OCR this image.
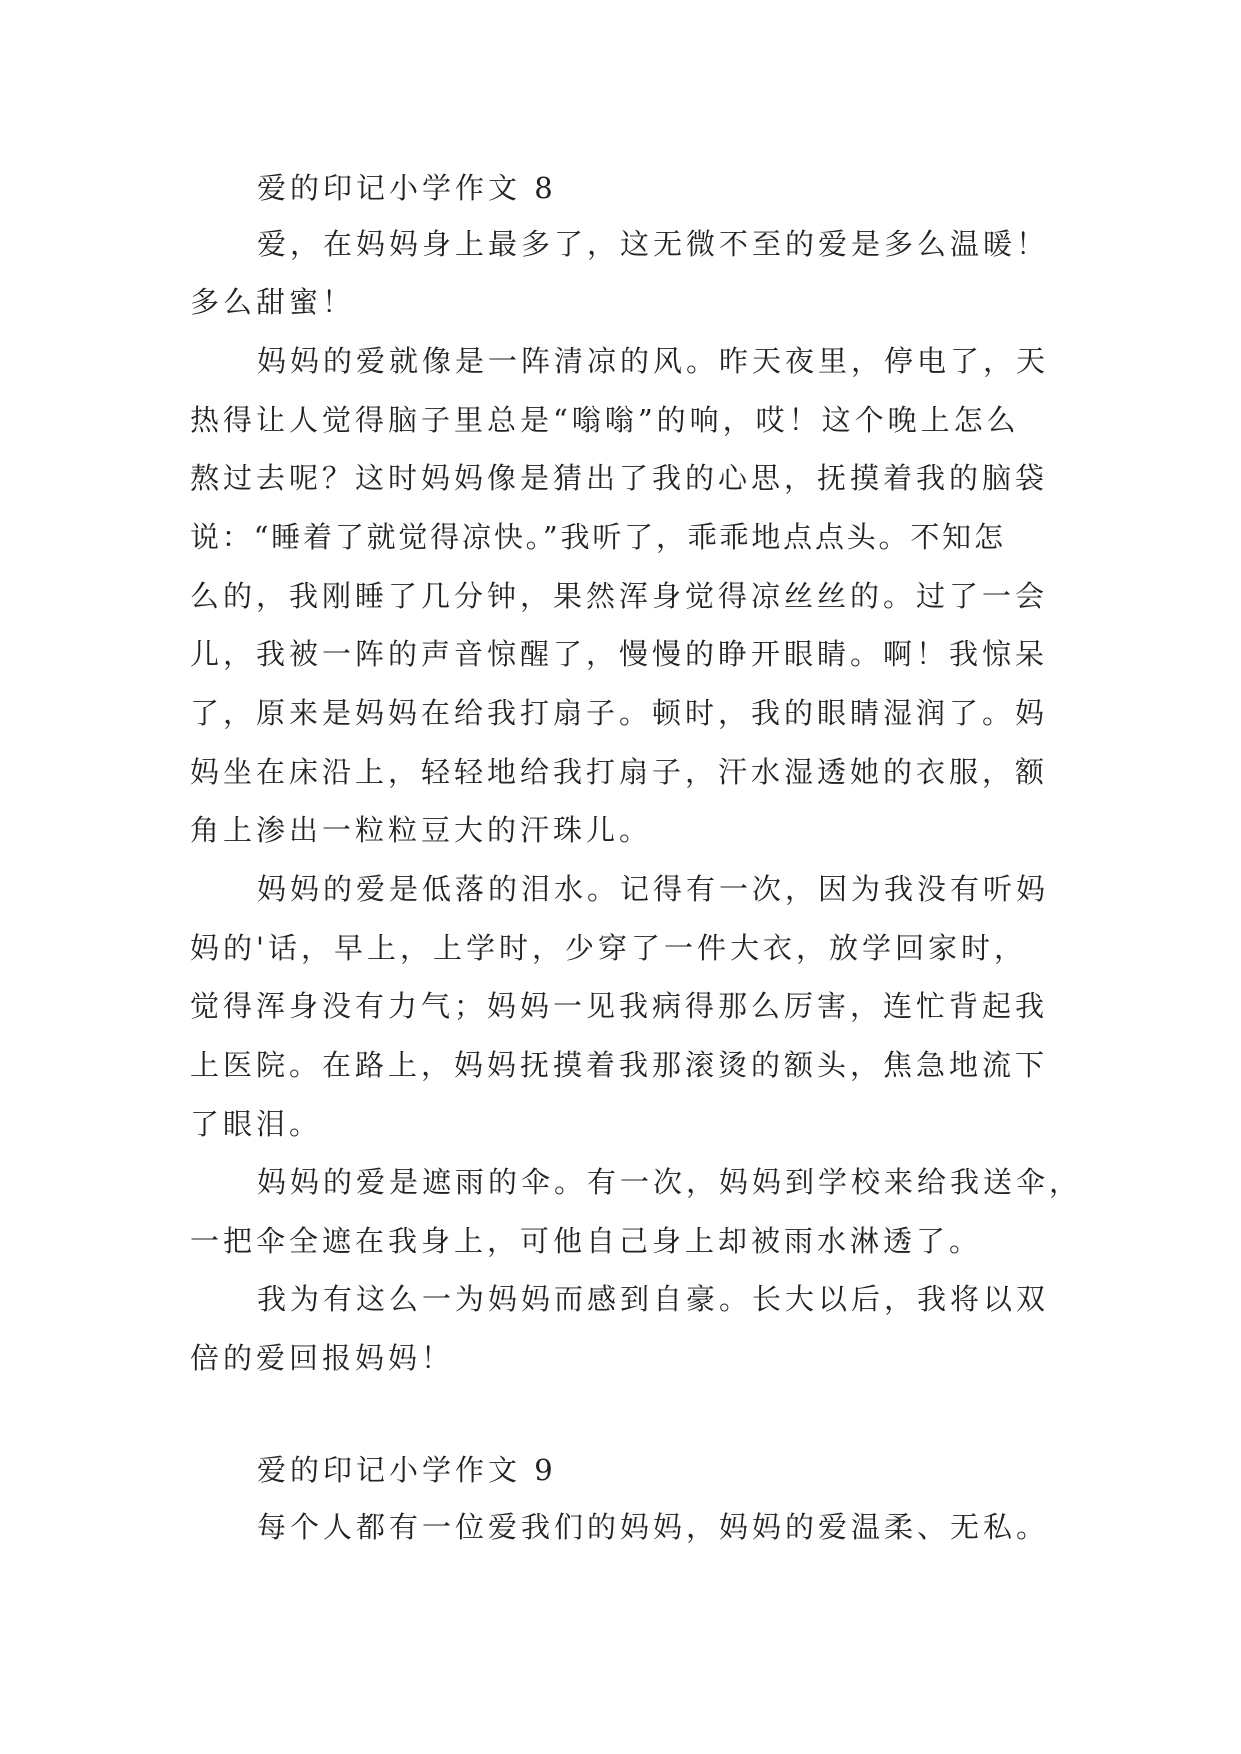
爱的印记小学作文 8
爱，在妈妈身上最多了，这无微不至的爱是多么温暖！
多么甜蜜！
妈妈的爱就像是一阵清凉的风。昨天夜里，停电了，天
热得让人觉得脑子里总是“嗡嗡”的响，哎！这个晚上怎么
熬过去呢？这时妈妈像是猜出了我的心思，抚摸着我的脑袋
说：“睡着了就觉得凉快。”我听了，乖乖地点点头。不知怎
么的，我刚睡了几分钟，果然浑身觉得凉丝丝的。过了一会
儿，我被一阵的声音惊醒了，慢慢的睁开眼睛。啊！我惊呆
了，原来是妈妈在给我打扇子。顿时，我的眼睛湿润了。妈
妈坐在床沿上，轻轻地给我打扇子，汗水湿透她的衣服，额
角上渗出一粒粒豆大的汗珠儿。
妈妈的爱是低落的泪水。记得有一次，因为我没有听妈
妈的'话，早上，上学时，少穿了一件大衣，放学回家时，
觉得浑身没有力气；妈妈一见我病得那么厉害，连忙背起我
上医院。在路上，妈妈抚摸着我那滚烫的额头，焦急地流下
了眼泪。
妈妈的爱是遮雨的伞。有一次，妈妈到学校来给我送伞，
一把伞全遮在我身上，可他自己身上却被雨水淋透了。
我为有这么一为妈妈而感到自豪。长大以后，我将以双
倍的爱回报妈妈！
爱的印记小学作文 9
每个人都有一位爱我们的妈妈，妈妈的爱温柔、无私。
